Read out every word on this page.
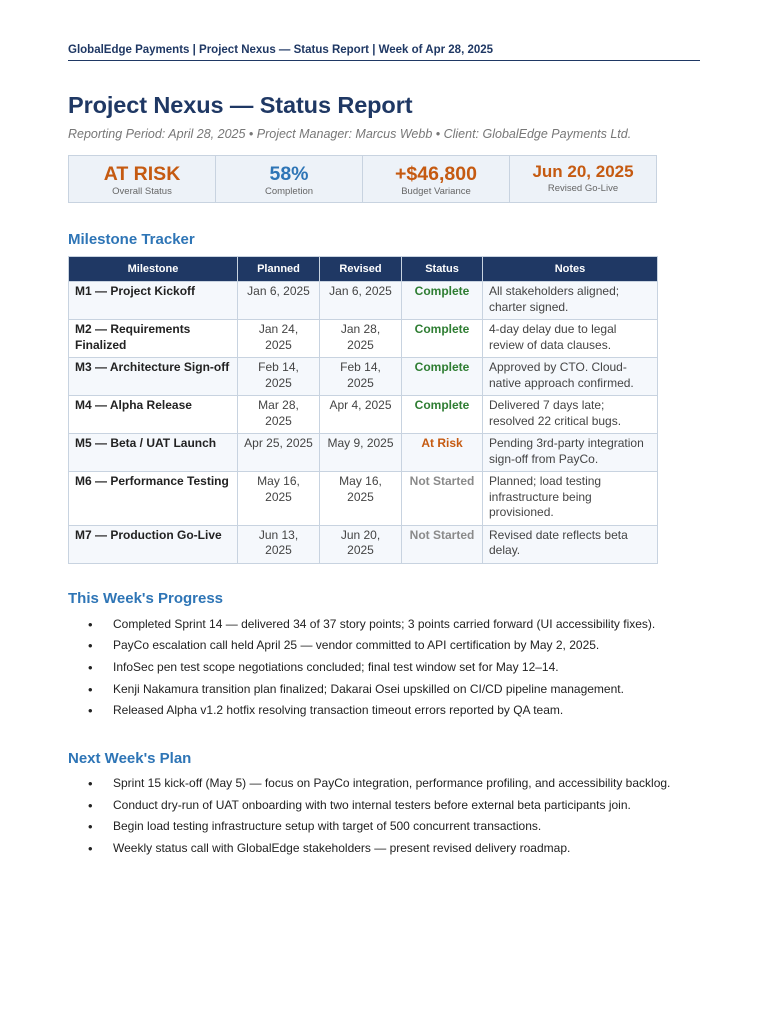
GlobalEdge Payments | Project Nexus — Status Report | Week of Apr 28, 2025
Project Nexus — Status Report
Reporting Period: April 28, 2025 • Project Manager: Marcus Webb • Client: GlobalEdge Payments Ltd.
AT RISK
Overall Status
58%
Completion
+$46,800
Budget Variance
Jun 20, 2025
Revised Go-Live
Milestone Tracker
Milestone	Planned	Revised	Status	Notes
M1 — Project Kickoff	Jan 6, 2025	Jan 6, 2025	Complete	All stakeholders aligned; charter signed.
M2 — Requirements Finalized	Jan 24, 2025	Jan 28, 2025	Complete	4-day delay due to legal review of data clauses.
M3 — Architecture Sign-off	Feb 14, 2025	Feb 14, 2025	Complete	Approved by CTO. Cloud-native approach confirmed.
M4 — Alpha Release	Mar 28, 2025	Apr 4, 2025	Complete	Delivered 7 days late; resolved 22 critical bugs.
M5 — Beta / UAT Launch	Apr 25, 2025	May 9, 2025	At Risk	Pending 3rd-party integration sign-off from PayCo.
M6 — Performance Testing	May 16, 2025	May 16, 2025	Not Started	Planned; load testing infrastructure being provisioned.
M7 — Production Go-Live	Jun 13, 2025	Jun 20, 2025	Not Started	Revised date reflects beta delay.
This Week's Progress
• Completed Sprint 14 — delivered 34 of 37 story points; 3 points carried forward (UI accessibility fixes).
• PayCo escalation call held April 25 — vendor committed to API certification by May 2, 2025.
• InfoSec pen test scope negotiations concluded; final test window set for May 12–14.
• Kenji Nakamura transition plan finalized; Dakarai Osei upskilled on CI/CD pipeline management.
• Released Alpha v1.2 hotfix resolving transaction timeout errors reported by QA team.
Next Week's Plan
• Sprint 15 kick-off (May 5) — focus on PayCo integration, performance profiling, and accessibility backlog.
• Conduct dry-run of UAT onboarding with two internal testers before external beta participants join.
• Begin load testing infrastructure setup with target of 500 concurrent transactions.
• Weekly status call with GlobalEdge stakeholders — present revised delivery roadmap.
